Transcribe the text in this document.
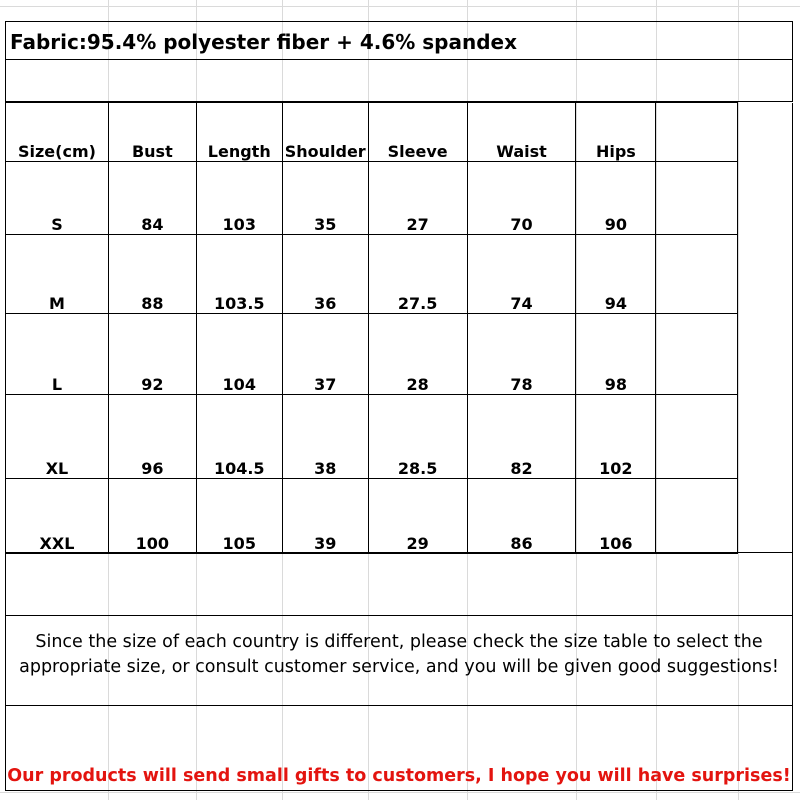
Fabric:95.4% polyester fiber + 4.6% spandex
Size(cm)	Bust	Length	Shoulder	Sleeve	Waist	Hips		
S	84	103	35	27	70	90		
M	88	103.5	36	27.5	74	94		
L	92	104	37	28	78	98		
XL	96	104.5	38	28.5	82	102		
XXL	100	105	39	29	86	106		
Since the size of each country is different, please check the size table to select the
appropriate size, or consult customer service, and you will be given good suggestions!
Our products will send small gifts to customers, I hope you will have surprises!
